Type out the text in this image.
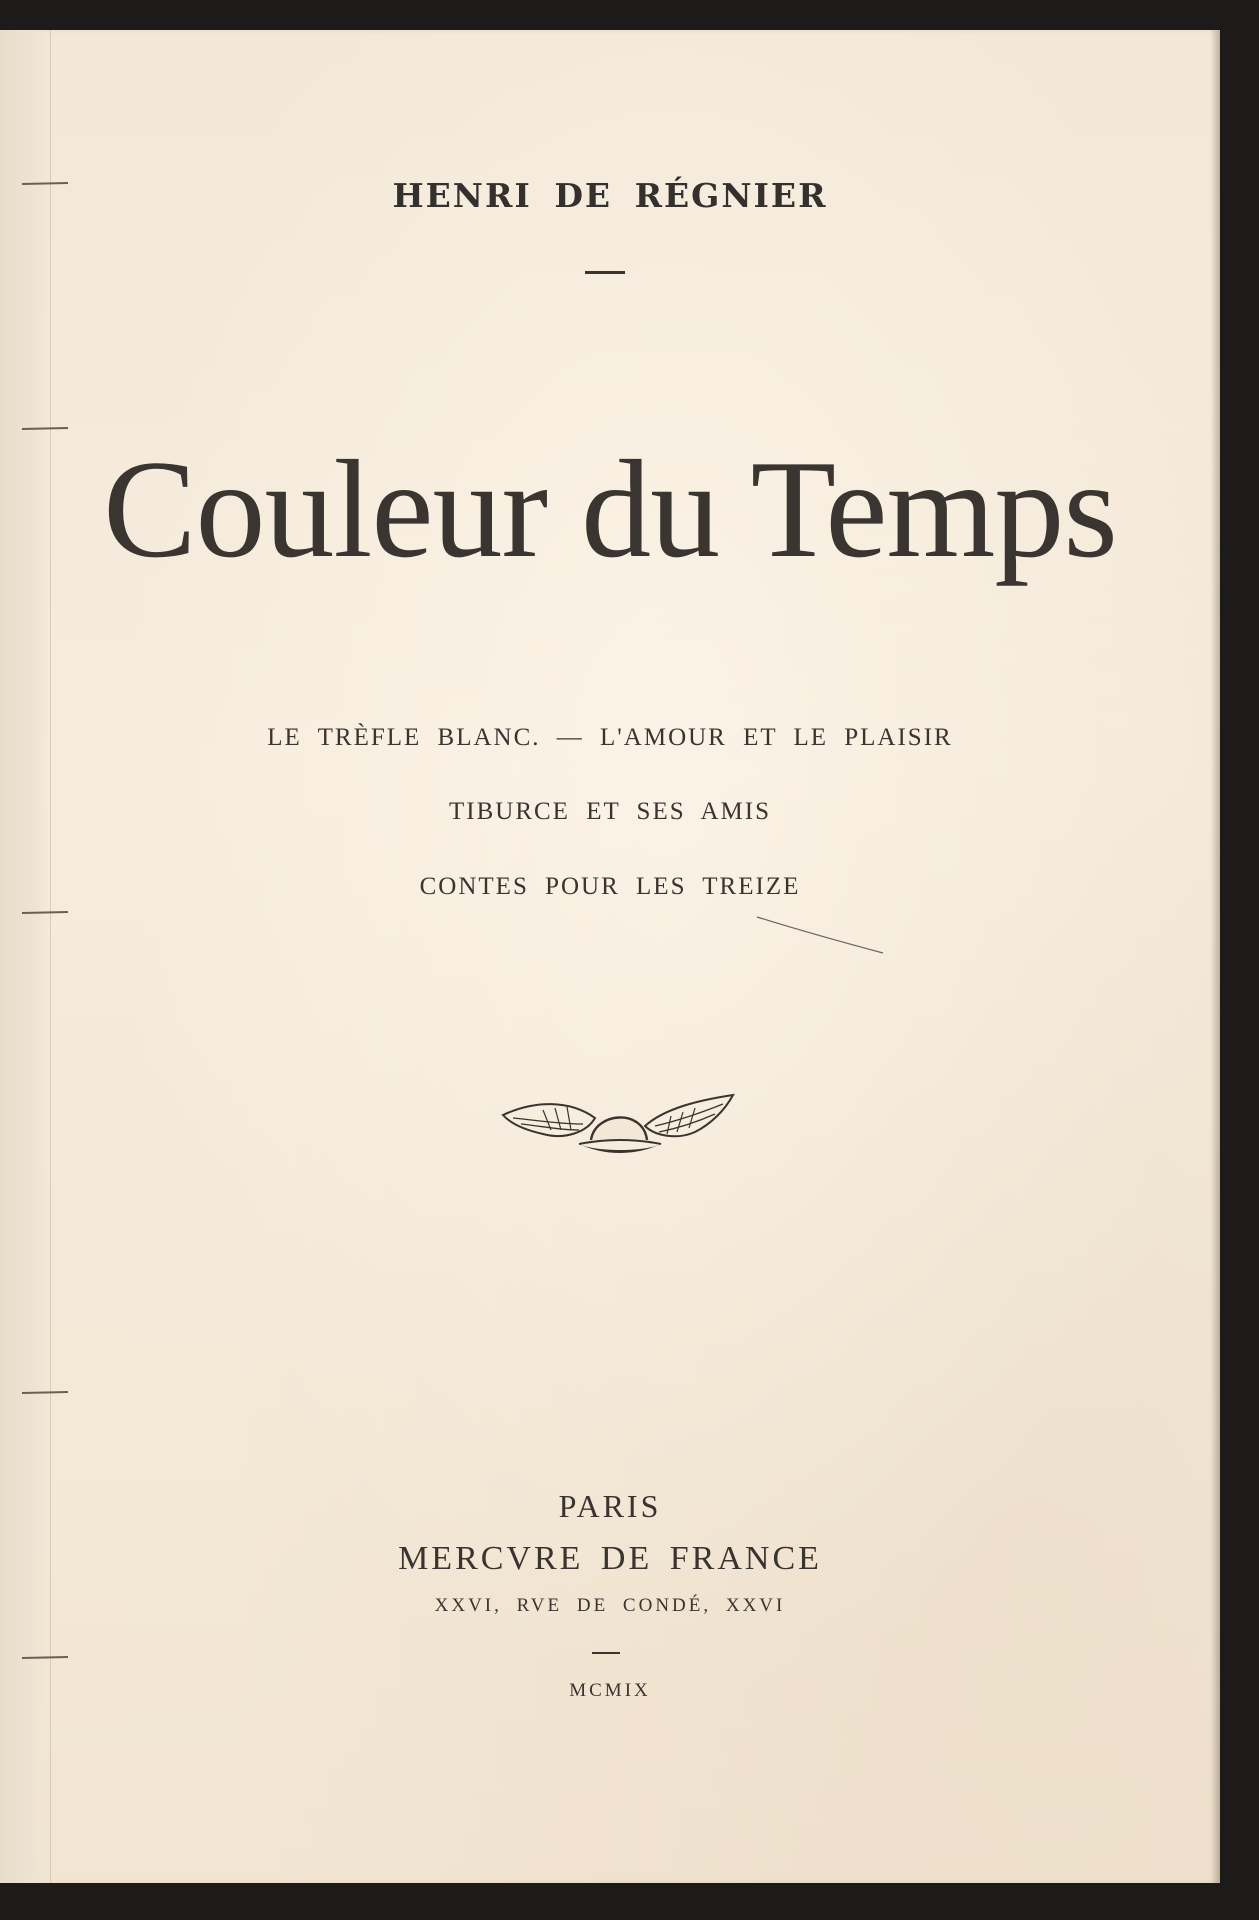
HENRI DE RÉGNIER
Couleur du Temps
LE TRÈFLE BLANC. — L'AMOUR ET LE PLAISIR
TIBURCE ET SES AMIS
CONTES POUR LES TREIZE
PARIS
MERCVRE DE FRANCE
XXVI, RVE DE CONDÉ, XXVI
MCMIX
